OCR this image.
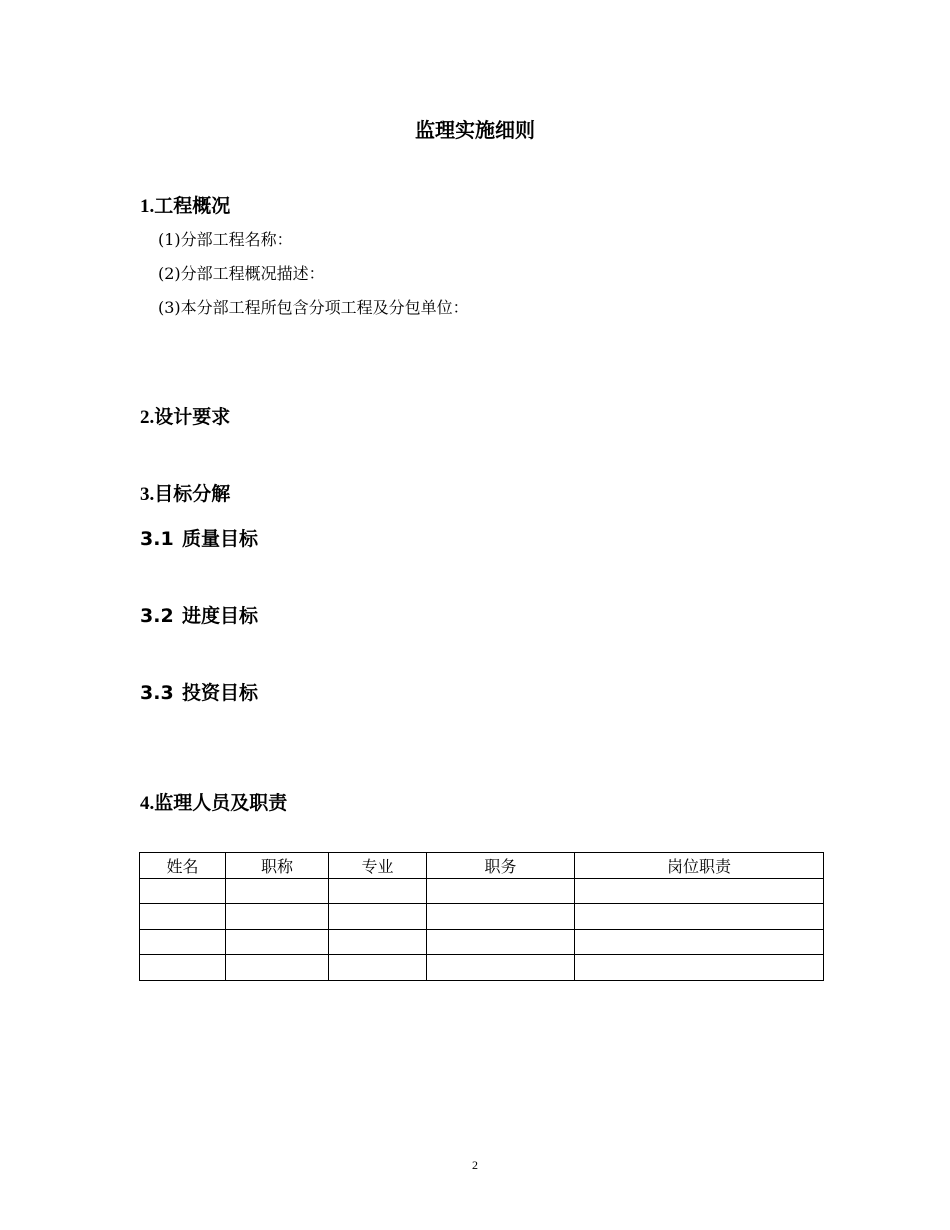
监理实施细则
1.工程概况
(1)分部工程名称：
(2)分部工程概况描述：
(3)本分部工程所包含分项工程及分包单位：
2.设计要求
3.目标分解
3.1 质量目标
3.2 进度目标
3.3 投资目标
4.监理人员及职责
姓名	职称	专业	职务	岗位职责

2
